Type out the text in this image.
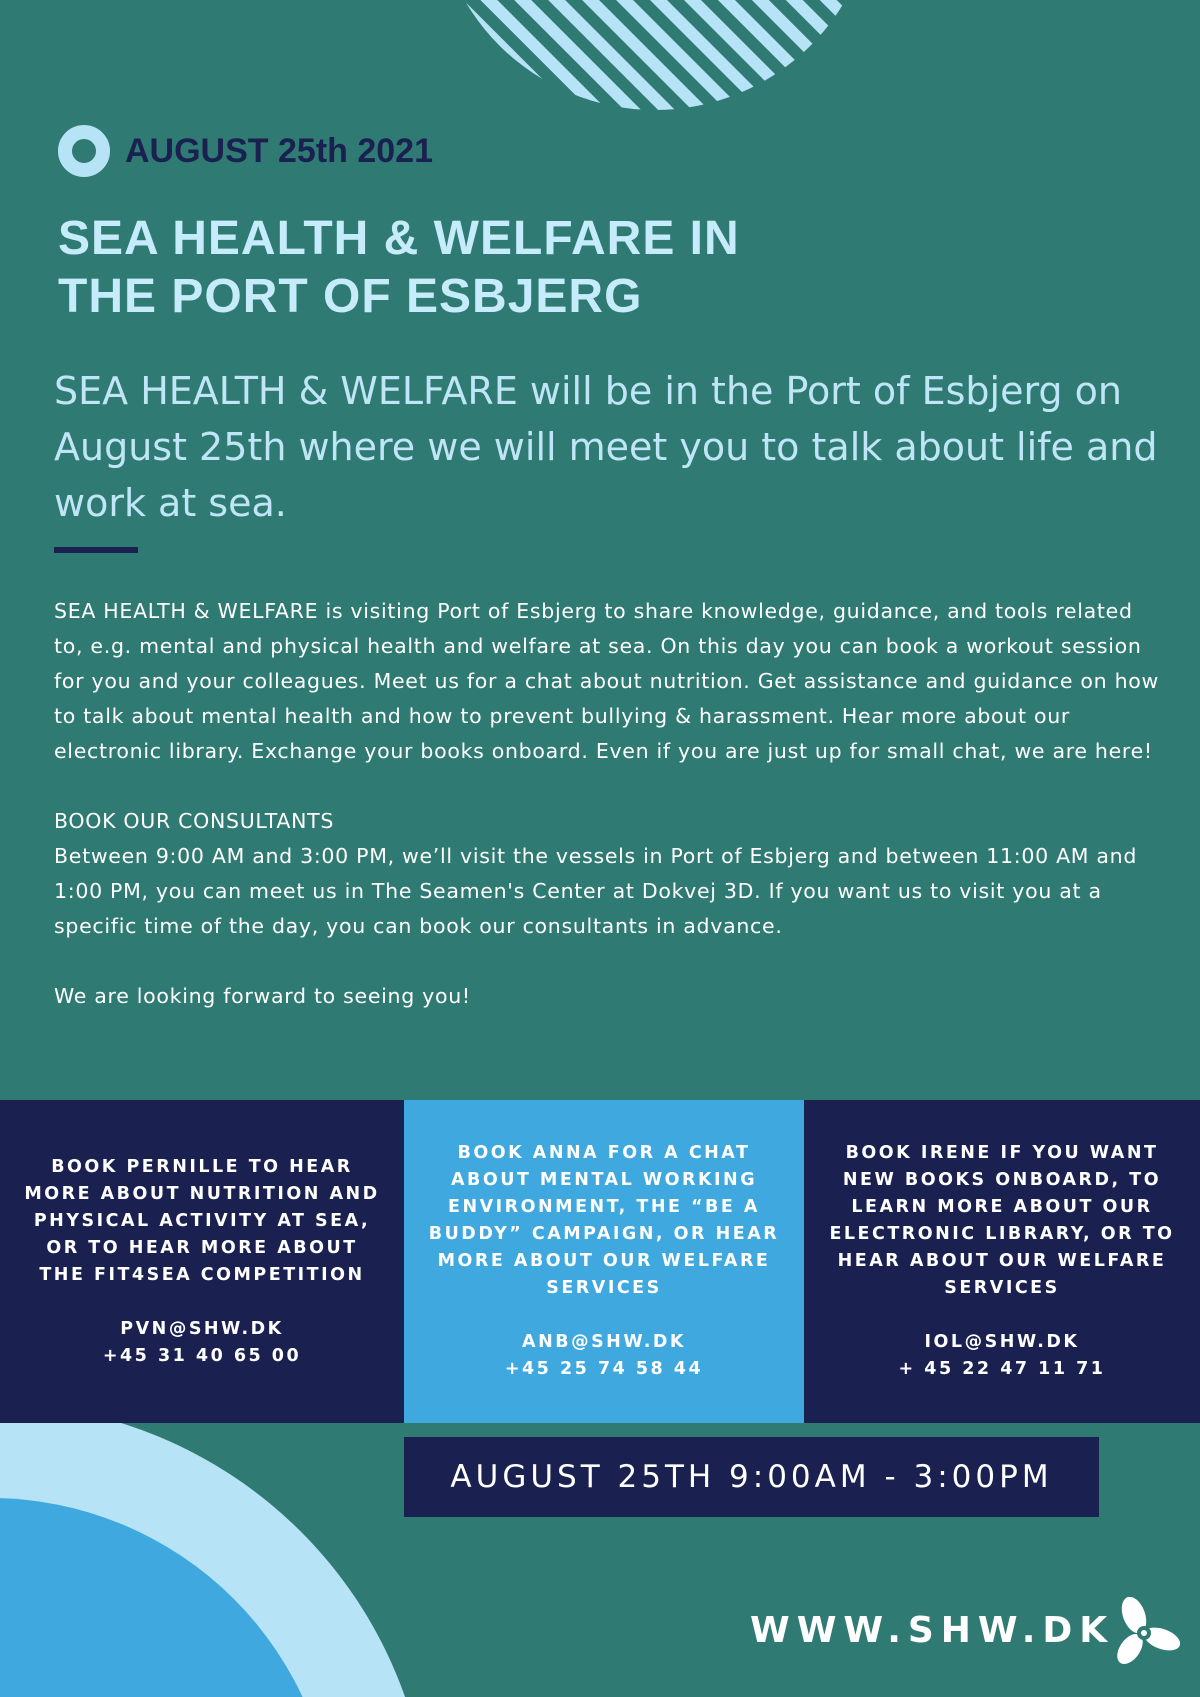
AUGUST 25th 2021
SEA HEALTH & WELFARE IN
THE PORT OF ESBJERG

SEA HEALTH & WELFARE will be in the Port of Esbjerg on August 25th where we will meet you to talk about life and work at sea.

SEA HEALTH & WELFARE is visiting Port of Esbjerg to share knowledge, guidance, and tools related to, e.g. mental and physical health and welfare at sea. On this day you can book a workout session for you and your colleagues. Meet us for a chat about nutrition. Get assistance and guidance on how to talk about mental health and how to prevent bullying & harassment. Hear more about our electronic library. Exchange your books onboard. Even if you are just up for small chat, we are here!

BOOK OUR CONSULTANTS

Between 9:00 AM and 3:00 PM, we’ll visit the vessels in Port of Esbjerg and between 11:00 AM and 1:00 PM, you can meet us in The Seamen's Center at Dokvej 3D. If you want us to visit you at a specific time of the day, you can book our consultants in advance.

We are looking forward to seeing you!

BOOK PERNILLE TO HEAR MORE ABOUT NUTRITION AND PHYSICAL ACTIVITY AT SEA, OR TO HEAR MORE ABOUT THE FIT4SEA COMPETITION
PVN@SHW.DK
+45 31 40 65 00
BOOK ANNA FOR A CHAT ABOUT MENTAL WORKING ENVIRONMENT, THE “BE A BUDDY” CAMPAIGN, OR HEAR MORE ABOUT OUR WELFARE SERVICES
ANB@SHW.DK
+45 25 74 58 44
BOOK IRENE IF YOU WANT NEW BOOKS ONBOARD, TO LEARN MORE ABOUT OUR ELECTRONIC LIBRARY, OR TO HEAR ABOUT OUR WELFARE SERVICES
IOL@SHW.DK
+ 45 22 47 11 71
AUGUST 25TH 9:00AM - 3:00PM
WWW.SHW.DK
